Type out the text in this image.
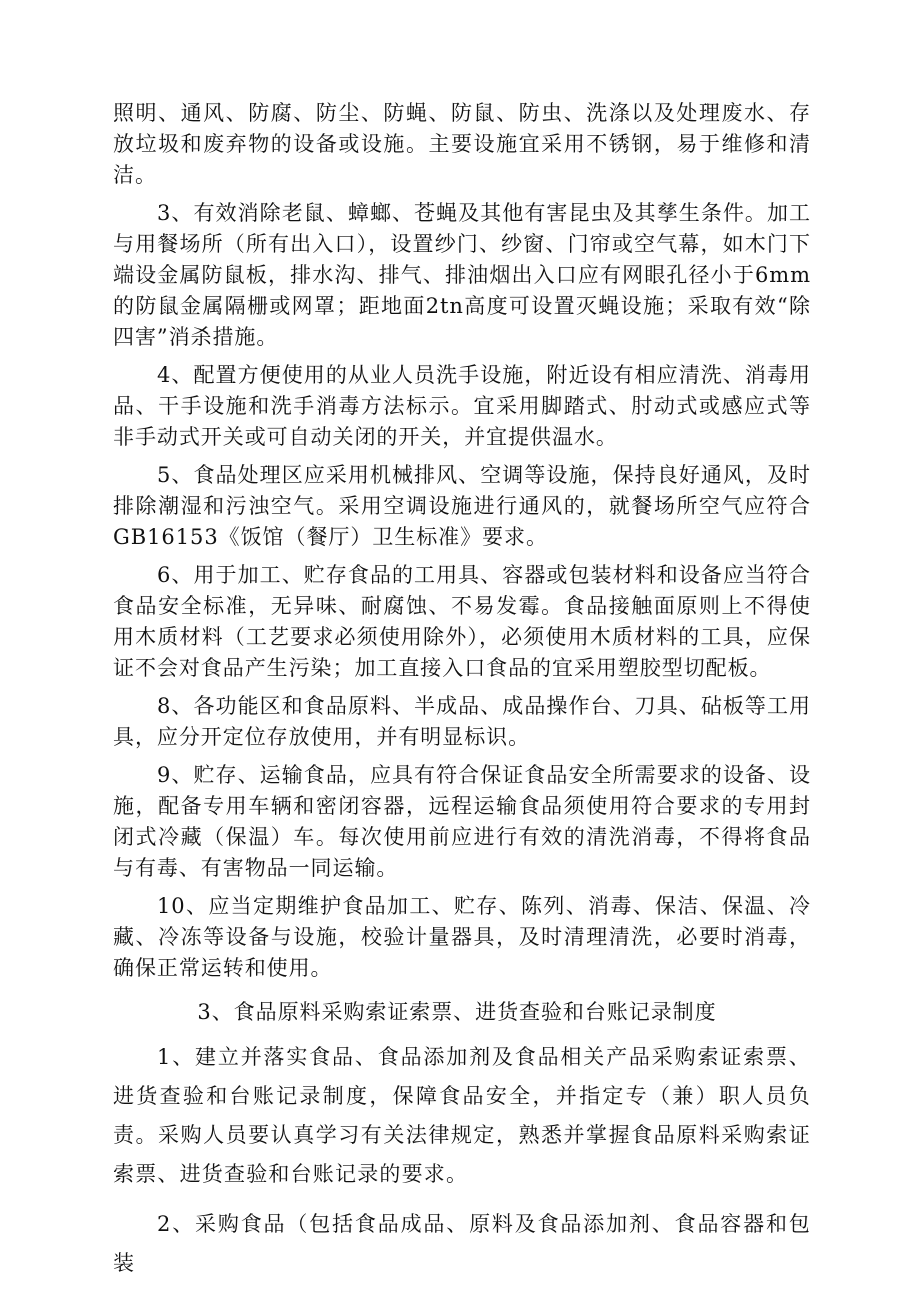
照明、通风、防腐、防尘、防蝇、防鼠、防虫、洗涤以及处理废水、存放垃圾和废弃物的设备或设施。主要设施宜采用不锈钢，易于维修和清洁。

3、有效消除老鼠、蟑螂、苍蝇及其他有害昆虫及其孳生条件。加工与用餐场所（所有出入口），设置纱门、纱窗、门帘或空气幕，如木门下端设金属防鼠板，排水沟、排气、排油烟出入口应有网眼孔径小于6mm的防鼠金属隔栅或网罩；距地面2tn高度可设置灭蝇设施；采取有效“除四害”消杀措施。

4、配置方便使用的从业人员洗手设施，附近设有相应清洗、消毒用品、干手设施和洗手消毒方法标示。宜采用脚踏式、肘动式或感应式等非手动式开关或可自动关闭的开关，并宜提供温水。

5、食品处理区应采用机械排风、空调等设施，保持良好通风，及时排除潮湿和污浊空气。采用空调设施进行通风的，就餐场所空气应符合GB16153《饭馆（餐厅）卫生标准》要求。

6、用于加工、贮存食品的工用具、容器或包装材料和设备应当符合食品安全标准，无异味、耐腐蚀、不易发霉。食品接触面原则上不得使用木质材料（工艺要求必须使用除外），必须使用木质材料的工具，应保证不会对食品产生污染；加工直接入口食品的宜采用塑胶型切配板。

8、各功能区和食品原料、半成品、成品操作台、刀具、砧板等工用具，应分开定位存放使用，并有明显标识。

9、贮存、运输食品，应具有符合保证食品安全所需要求的设备、设施，配备专用车辆和密闭容器，远程运输食品须使用符合要求的专用封闭式冷藏（保温）车。每次使用前应进行有效的清洗消毒，不得将食品与有毒、有害物品一同运输。

10、应当定期维护食品加工、贮存、陈列、消毒、保洁、保温、冷藏、冷冻等设备与设施，校验计量器具，及时清理清洗，必要时消毒，确保正常运转和使用。

3、食品原料采购索证索票、进货查验和台账记录制度

1、建立并落实食品、食品添加剂及食品相关产品采购索证索票、进货查验和台账记录制度，保障食品安全，并指定专（兼）职人员负责。采购人员要认真学习有关法律规定，熟悉并掌握食品原料采购索证索票、进货查验和台账记录的要求。

2、采购食品（包括食品成品、原料及食品添加剂、食品容器和包装
